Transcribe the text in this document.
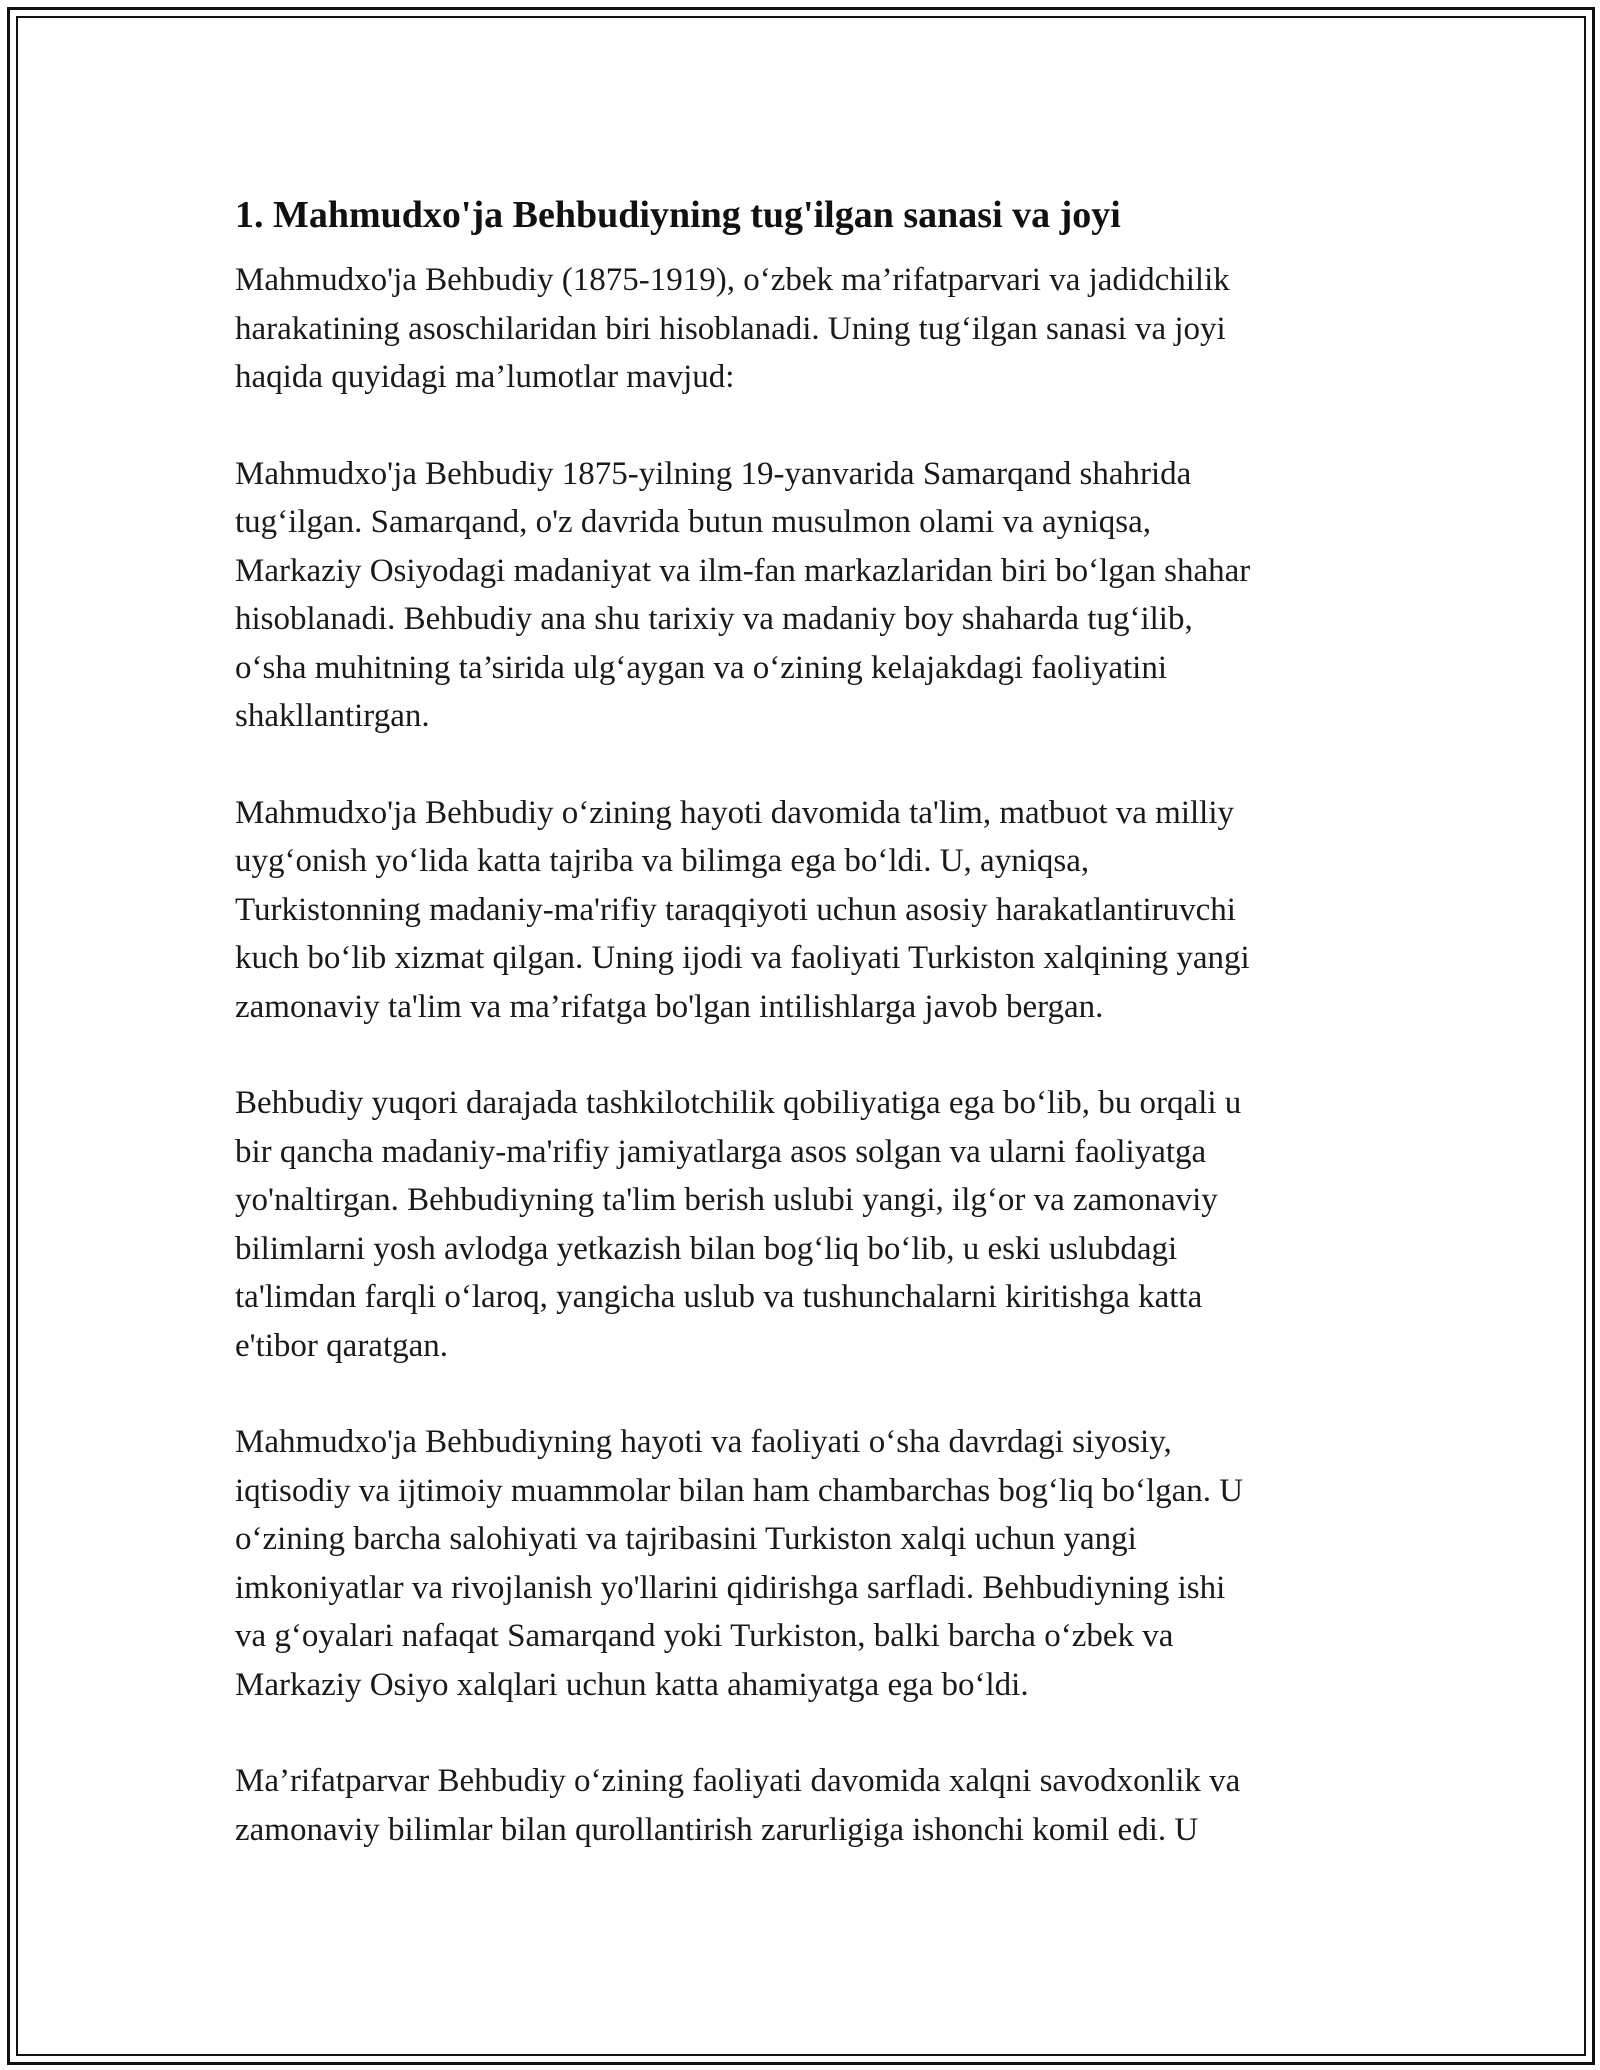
1. Mahmudxo'ja Behbudiyning tug'ilgan sanasi va joyi

Mahmudxo'ja Behbudiy (1875-1919), o‘zbek ma’rifatparvari va jadidchilik
harakatining asoschilaridan biri hisoblanadi. Uning tug‘ilgan sanasi va joyi
haqida quyidagi ma’lumotlar mavjud:

Mahmudxo'ja Behbudiy 1875-yilning 19-yanvarida Samarqand shahrida
tug‘ilgan. Samarqand, o'z davrida butun musulmon olami va ayniqsa,
Markaziy Osiyodagi madaniyat va ilm-fan markazlaridan biri bo‘lgan shahar
hisoblanadi. Behbudiy ana shu tarixiy va madaniy boy shaharda tug‘ilib,
o‘sha muhitning ta’sirida ulg‘aygan va o‘zining kelajakdagi faoliyatini
shakllantirgan.

Mahmudxo'ja Behbudiy o‘zining hayoti davomida ta'lim, matbuot va milliy
uyg‘onish yo‘lida katta tajriba va bilimga ega bo‘ldi. U, ayniqsa,
Turkistonning madaniy-ma'rifiy taraqqiyoti uchun asosiy harakatlantiruvchi
kuch bo‘lib xizmat qilgan. Uning ijodi va faoliyati Turkiston xalqining yangi
zamonaviy ta'lim va ma’rifatga bo'lgan intilishlarga javob bergan.

Behbudiy yuqori darajada tashkilotchilik qobiliyatiga ega bo‘lib, bu orqali u
bir qancha madaniy-ma'rifiy jamiyatlarga asos solgan va ularni faoliyatga
yo'naltirgan. Behbudiyning ta'lim berish uslubi yangi, ilg‘or va zamonaviy
bilimlarni yosh avlodga yetkazish bilan bog‘liq bo‘lib, u eski uslubdagi
ta'limdan farqli o‘laroq, yangicha uslub va tushunchalarni kiritishga katta
e'tibor qaratgan.

Mahmudxo'ja Behbudiyning hayoti va faoliyati o‘sha davrdagi siyosiy,
iqtisodiy va ijtimoiy muammolar bilan ham chambarchas bog‘liq bo‘lgan. U
o‘zining barcha salohiyati va tajribasini Turkiston xalqi uchun yangi
imkoniyatlar va rivojlanish yo'llarini qidirishga sarfladi. Behbudiyning ishi
va g‘oyalari nafaqat Samarqand yoki Turkiston, balki barcha o‘zbek va
Markaziy Osiyo xalqlari uchun katta ahamiyatga ega bo‘ldi.

Ma’rifatparvar Behbudiy o‘zining faoliyati davomida xalqni savodxonlik va
zamonaviy bilimlar bilan qurollantirish zarurligiga ishonchi komil edi. U
